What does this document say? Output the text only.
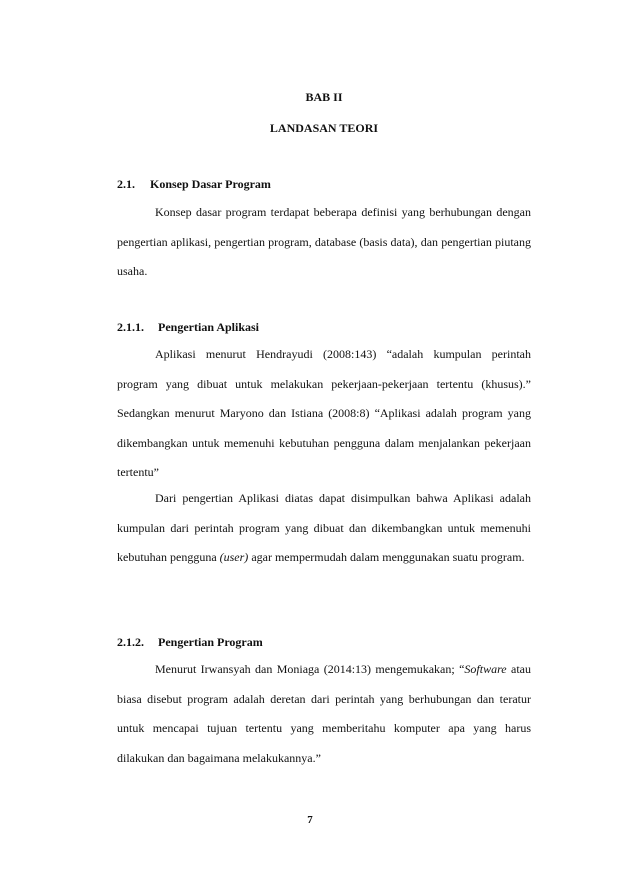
BAB II
LANDASAN TEORI
2.1. Konsep Dasar Program

Konsep dasar program terdapat beberapa definisi yang berhubungan dengan pengertian aplikasi, pengertian program, database (basis data), dan pengertian piutang usaha.

2.1.1. Pengertian Aplikasi

Aplikasi menurut Hendrayudi (2008:143) “adalah kumpulan perintah program yang dibuat untuk melakukan pekerjaan-pekerjaan tertentu (khusus).” Sedangkan menurut Maryono dan Istiana (2008:8) “Aplikasi adalah program yang dikembangkan untuk memenuhi kebutuhan pengguna dalam menjalankan pekerjaan tertentu”

Dari pengertian Aplikasi diatas dapat disimpulkan bahwa Aplikasi adalah kumpulan dari perintah program yang dibuat dan dikembangkan untuk memenuhi kebutuhan pengguna (user) agar mempermudah dalam menggunakan suatu program.

2.1.2. Pengertian Program

Menurut Irwansyah dan Moniaga (2014:13) mengemukakan; “Software atau biasa disebut program adalah deretan dari perintah yang berhubungan dan teratur untuk mencapai tujuan tertentu yang memberitahu komputer apa yang harus dilakukan dan bagaimana melakukannya.”

7
